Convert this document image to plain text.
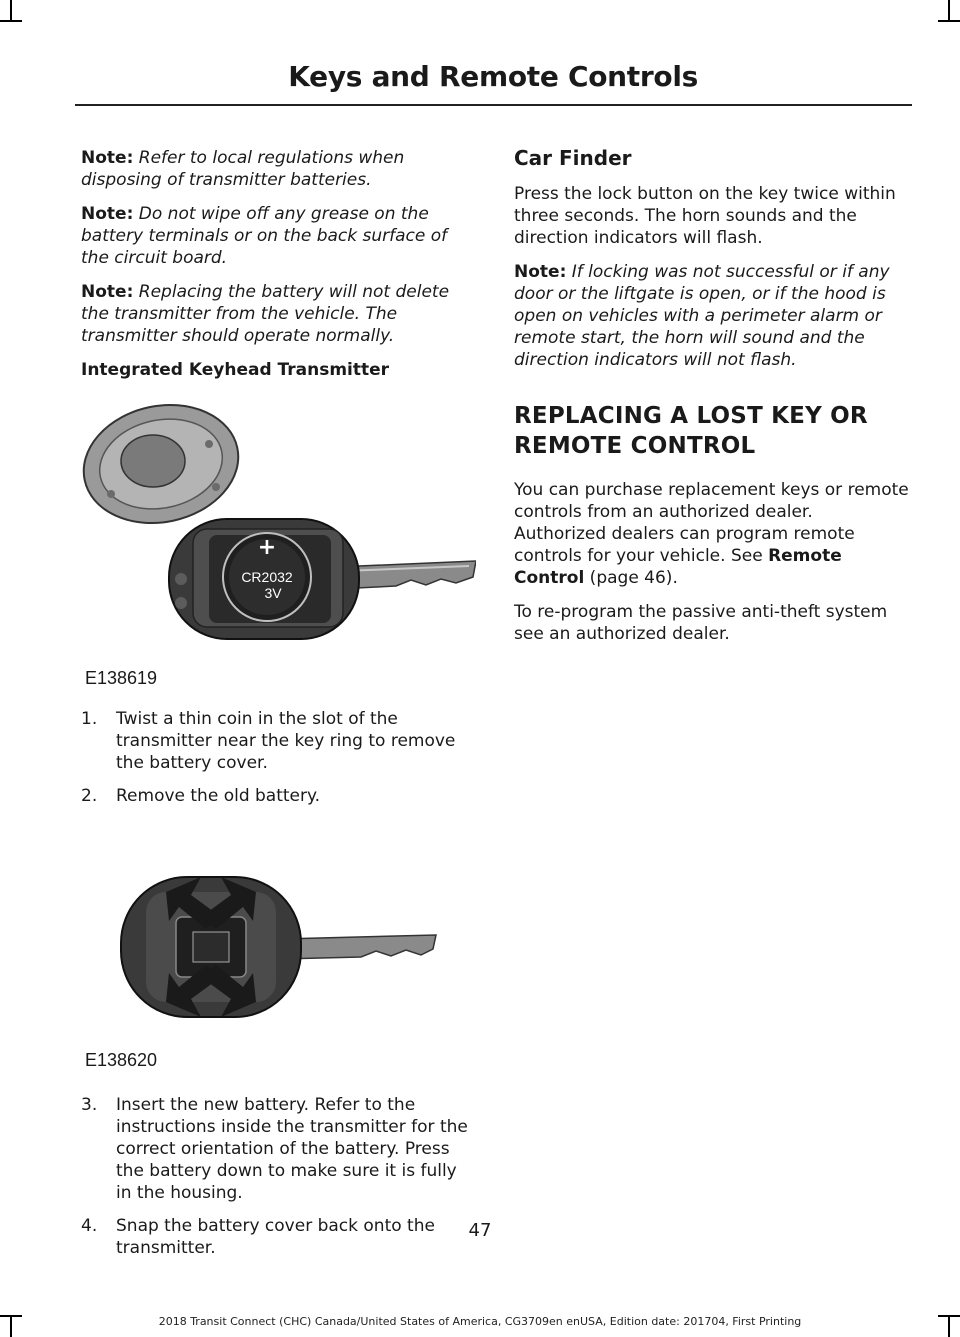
Keys and Remote Controls

Note: Refer to local regulations when disposing of transmitter batteries.

Note: Do not wipe off any grease on the battery terminals or on the back surface of the circuit board.

Note: Replacing the battery will not delete the transmitter from the vehicle. The transmitter should operate normally.

Integrated Keyhead Transmitter

+
CR2032
3V
E138619
1. Twist a thin coin in the slot of the transmitter near the key ring to remove the battery cover.
2. Remove the old battery.
E138620
3. Insert the new battery. Refer to the instructions inside the transmitter for the correct orientation of the battery. Press the battery down to make sure it is fully in the housing.
4. Snap the battery cover back onto the transmitter.
Car Finder

Press the lock button on the key twice within three seconds. The horn sounds and the direction indicators will flash.

Note: If locking was not successful or if any door or the liftgate is open, or if the hood is open on vehicles with a perimeter alarm or remote start, the horn will sound and the direction indicators will not flash.

REPLACING A LOST KEY OR
REMOTE CONTROL

You can purchase replacement keys or remote controls from an authorized dealer. Authorized dealers can program remote controls for your vehicle. See Remote Control (page 46).

To re-program the passive anti-theft system see an authorized dealer.

47
2018 Transit Connect (CHC) Canada/United States of America, CG3709en enUSA, Edition date: 201704, First Printing
